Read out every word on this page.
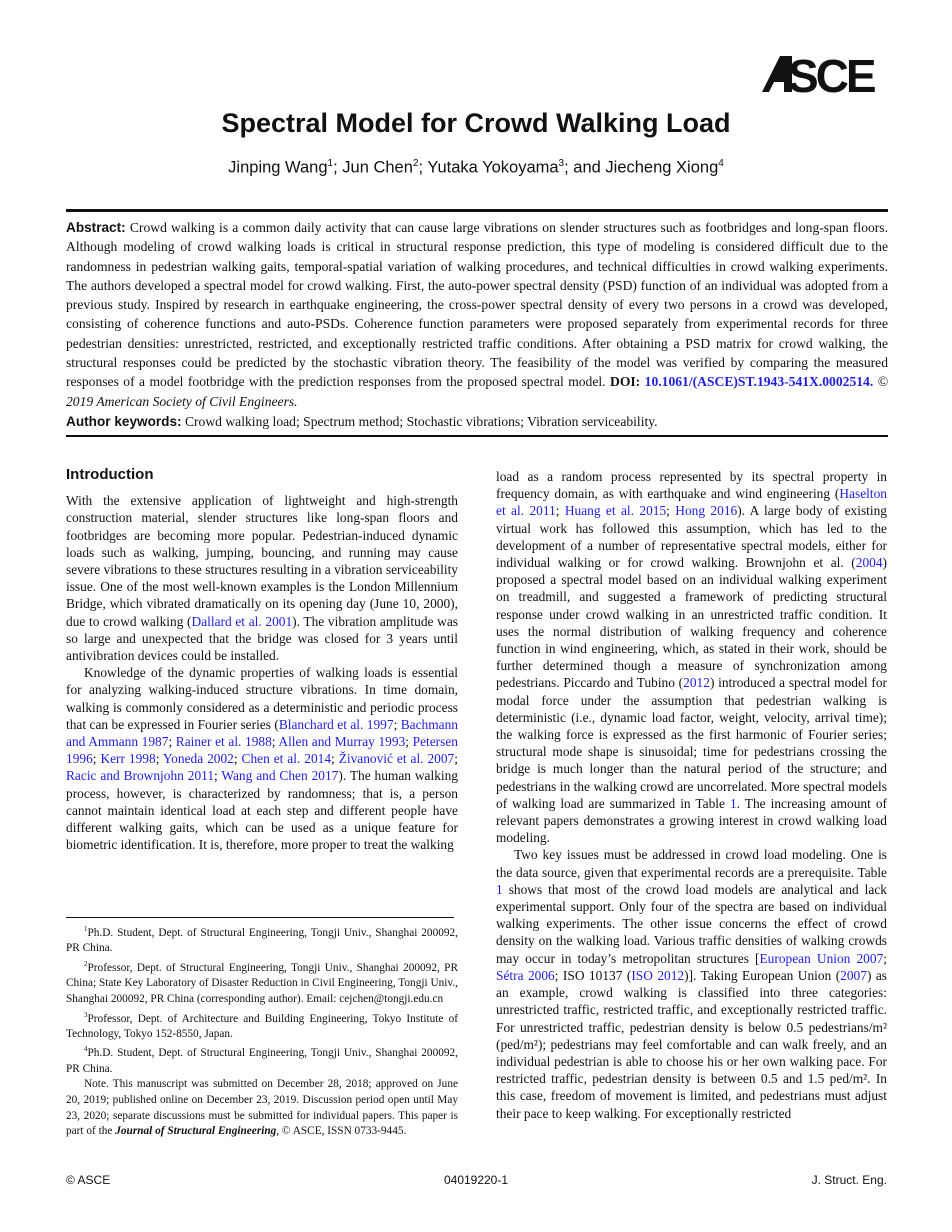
SCE
Spectral Model for Crowd Walking Load
Jinping Wang$^1$; Jun Chen$^2$; Yutaka Yokoyama$^3$; and Jiecheng Xiong$^4$
Abstract: Crowd walking is a common daily activity that can cause large vibrations on slender structures such as footbridges and long-span floors. Although modeling of crowd walking loads is critical in structural response prediction, this type of modeling is considered difficult due to the randomness in pedestrian walking gaits, temporal-spatial variation of walking procedures, and technical difficulties in crowd walking experiments. The authors developed a spectral model for crowd walking. First, the auto-power spectral density (PSD) function of an individual was adopted from a previous study. Inspired by research in earthquake engineering, the cross-power spectral density of every two persons in a crowd was developed, consisting of coherence functions and auto-PSDs. Coherence function parameters were proposed separately from experimental records for three pedestrian densities: unrestricted, restricted, and exceptionally restricted traffic conditions. After obtaining a PSD matrix for crowd walking, the structural responses could be predicted by the stochastic vibration theory. The feasibility of the model was verified by comparing the measured responses of a model footbridge with the prediction responses from the proposed spectral model. DOI: 10.1061/(ASCE)ST.1943-541X.0002514. © 2019 American Society of Civil Engineers.
Author keywords: Crowd walking load; Spectrum method; Stochastic vibrations; Vibration serviceability.
Introduction

With the extensive application of lightweight and high-strength construction material, slender structures like long-span floors and footbridges are becoming more popular. Pedestrian-induced dynamic loads such as walking, jumping, bouncing, and running may cause severe vibrations to these structures resulting in a vibration serviceability issue. One of the most well-known examples is the London Millennium Bridge, which vibrated dramatically on its opening day (June 10, 2000), due to crowd walking (Dallard et al. 2001). The vibration amplitude was so large and unexpected that the bridge was closed for 3 years until antivibration devices could be installed.

Knowledge of the dynamic properties of walking loads is essential for analyzing walking-induced structure vibrations. In time domain, walking is commonly considered as a deterministic and periodic process that can be expressed in Fourier series (Blanchard et al. 1997; Bachmann and Ammann 1987; Rainer et al. 1988; Allen and Murray 1993; Petersen 1996; Kerr 1998; Yoneda 2002; Chen et al. 2014; Živanović et al. 2007; Racic and Brownjohn 2011; Wang and Chen 2017). The human walking process, however, is characterized by randomness; that is, a person cannot maintain identical load at each step and different people have different walking gaits, which can be used as a unique feature for biometric identification. It is, therefore, more proper to treat the walking

load as a random process represented by its spectral property in frequency domain, as with earthquake and wind engineering (Haselton et al. 2011; Huang et al. 2015; Hong 2016). A large body of existing virtual work has followed this assumption, which has led to the development of a number of representative spectral models, either for individual walking or for crowd walking. Brownjohn et al. (2004) proposed a spectral model based on an individual walking experiment on treadmill, and suggested a framework of predicting structural response under crowd walking in an unrestricted traffic condition. It uses the normal distribution of walking frequency and coherence function in wind engineering, which, as stated in their work, should be further determined though a measure of synchronization among pedestrians. Piccardo and Tubino (2012) introduced a spectral model for modal force under the assumption that pedestrian walking is deterministic (i.e., dynamic load factor, weight, velocity, arrival time); the walking force is expressed as the first harmonic of Fourier series; structural mode shape is sinusoidal; time for pedestrians crossing the bridge is much longer than the natural period of the structure; and pedestrians in the walking crowd are uncorrelated. More spectral models of walking load are summarized in Table 1. The increasing amount of relevant papers demonstrates a growing interest in crowd walking load modeling.

Two key issues must be addressed in crowd load modeling. One is the data source, given that experimental records are a prerequisite. Table 1 shows that most of the crowd load models are analytical and lack experimental support. Only four of the spectra are based on individual walking experiments. The other issue concerns the effect of crowd density on the walking load. Various traffic densities of walking crowds may occur in today’s metropolitan structures [European Union 2007; Sétra 2006; ISO 10137 (ISO 2012)]. Taking European Union (2007) as an example, crowd walking is classified into three categories: unrestricted traffic, restricted traffic, and exceptionally restricted traffic. For unrestricted traffic, pedestrian density is below 0.5 pedestrians/m² (ped/m²); pedestrians may feel comfortable and can walk freely, and an individual pedestrian is able to choose his or her own walking pace. For restricted traffic, pedestrian density is between 0.5 and 1.5 ped/m². In this case, freedom of movement is limited, and pedestrians must adjust their pace to keep walking. For exceptionally restricted

$^1$Ph.D. Student, Dept. of Structural Engineering, Tongji Univ., Shanghai 200092, PR China.

$^2$Professor, Dept. of Structural Engineering, Tongji Univ., Shanghai 200092, PR China; State Key Laboratory of Disaster Reduction in Civil Engineering, Tongji Univ., Shanghai 200092, PR China (corresponding author). Email: cejchen@tongji.edu.cn

$^3$Professor, Dept. of Architecture and Building Engineering, Tokyo Institute of Technology, Tokyo 152-8550, Japan.

$^4$Ph.D. Student, Dept. of Structural Engineering, Tongji Univ., Shanghai 200092, PR China.

Note. This manuscript was submitted on December 28, 2018; approved on June 20, 2019; published online on December 23, 2019. Discussion period open until May 23, 2020; separate discussions must be submitted for individual papers. This paper is part of the Journal of Structural Engineering, © ASCE, ISSN 0733-9445.

© ASCE	04019220-1	J. Struct. Eng.
